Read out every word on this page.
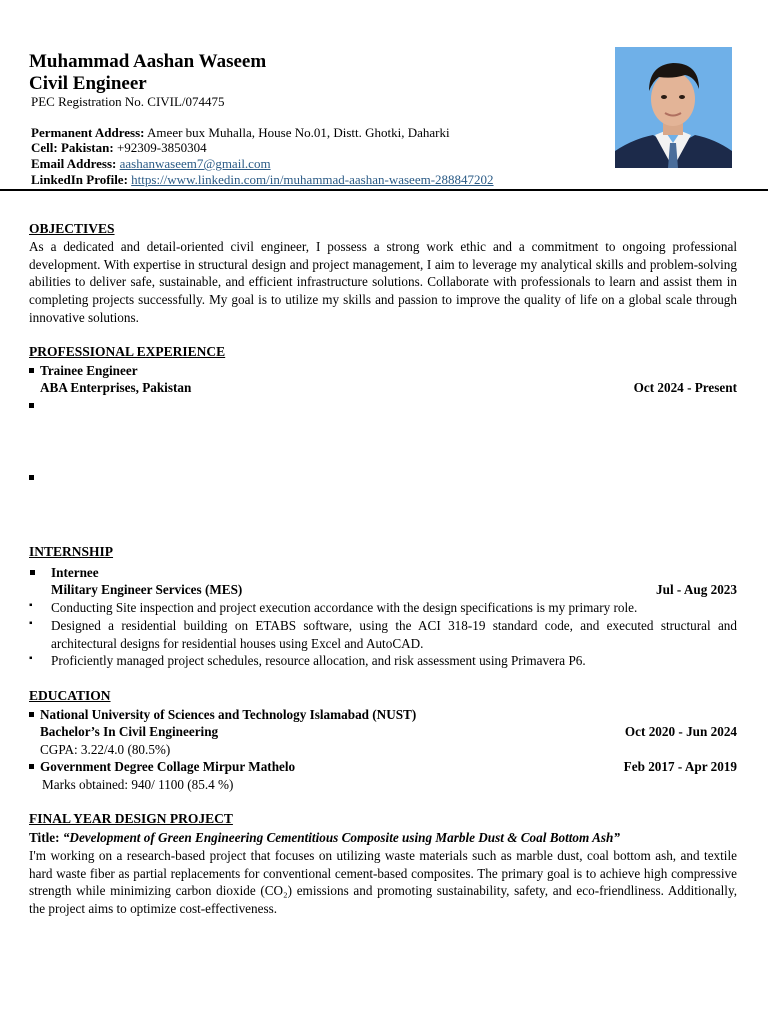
Muhammad Aashan Waseem
Civil Engineer
PEC Registration No. CIVIL/074475
Permanent Address: Ameer bux Muhalla, House No.01, Distt. Ghotki, Daharki
Cell: Pakistan: +92309-3850304
Email Address: aashanwaseem7@gmail.com
LinkedIn Profile: https://www.linkedin.com/in/muhammad-aashan-waseem-288847202
OBJECTIVES
As a dedicated and detail-oriented civil engineer, I possess a strong work ethic and a commitment to ongoing professional development. With expertise in structural design and project management, I aim to leverage my analytical skills and problem-solving abilities to deliver safe, sustainable, and efficient infrastructure solutions. Collaborate with professionals to learn and assist them in completing projects successfully. My goal is to utilize my skills and passion to improve the quality of life on a global scale through innovative solutions.
PROFESSIONAL EXPERIENCE
Trainee Engineer
ABA Enterprises, Pakistan	Oct 2024 - Present
INTERNSHIP
Internee
Military Engineer Services (MES)	Jul - Aug 2023
▪ Conducting Site inspection and project execution accordance with the design specifications is my primary role.
▪ Designed a residential building on ETABS software, using the ACI 318-19 standard code, and executed structural and architectural designs for residential houses using Excel and AutoCAD.
▪ Proficiently managed project schedules, resource allocation, and risk assessment using Primavera P6.
EDUCATION
National University of Sciences and Technology Islamabad (NUST)
Bachelor’s In Civil Engineering	Oct 2020 - Jun 2024
CGPA: 3.22/4.0 (80.5%)
Government Degree Collage Mirpur Mathelo	Feb 2017 - Apr 2019
Marks obtained: 940/ 1100 (85.4 %)
FINAL YEAR DESIGN PROJECT
Title: “Development of Green Engineering Cementitious Composite using Marble Dust & Coal Bottom Ash”
I'm working on a research-based project that focuses on utilizing waste materials such as marble dust, coal bottom ash, and textile hard waste fiber as partial replacements for conventional cement-based composites. The primary goal is to achieve high compressive strength while minimizing carbon dioxide (CO₂) emissions and promoting sustainability, safety, and eco-friendliness. Additionally, the project aims to optimize cost-effectiveness.
